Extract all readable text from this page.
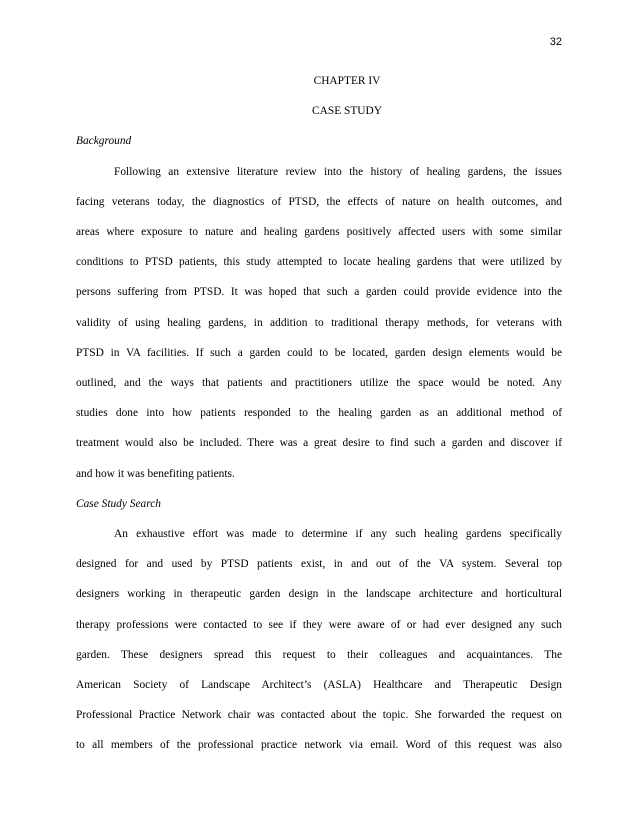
32
CHAPTER IV
CASE STUDY
Background
Following an extensive literature review into the history of healing gardens, the issues
facing veterans today, the diagnostics of PTSD, the effects of nature on health outcomes, and
areas where exposure to nature and healing gardens positively affected users with some similar
conditions to PTSD patients, this study attempted to locate healing gardens that were utilized by
persons suffering from PTSD. It was hoped that such a garden could provide evidence into the
validity of using healing gardens, in addition to traditional therapy methods, for veterans with
PTSD in VA facilities. If such a garden could to be located, garden design elements would be
outlined, and the ways that patients and practitioners utilize the space would be noted. Any
studies done into how patients responded to the healing garden as an additional method of
treatment would also be included. There was a great desire to find such a garden and discover if
and how it was benefiting patients.
Case Study Search
An exhaustive effort was made to determine if any such healing gardens specifically
designed for and used by PTSD patients exist, in and out of the VA system. Several top
designers working in therapeutic garden design in the landscape architecture and horticultural
therapy professions were contacted to see if they were aware of or had ever designed any such
garden. These designers spread this request to their colleagues and acquaintances. The
American Society of Landscape Architect’s (ASLA) Healthcare and Therapeutic Design
Professional Practice Network chair was contacted about the topic. She forwarded the request on
to all members of the professional practice network via email. Word of this request was also
